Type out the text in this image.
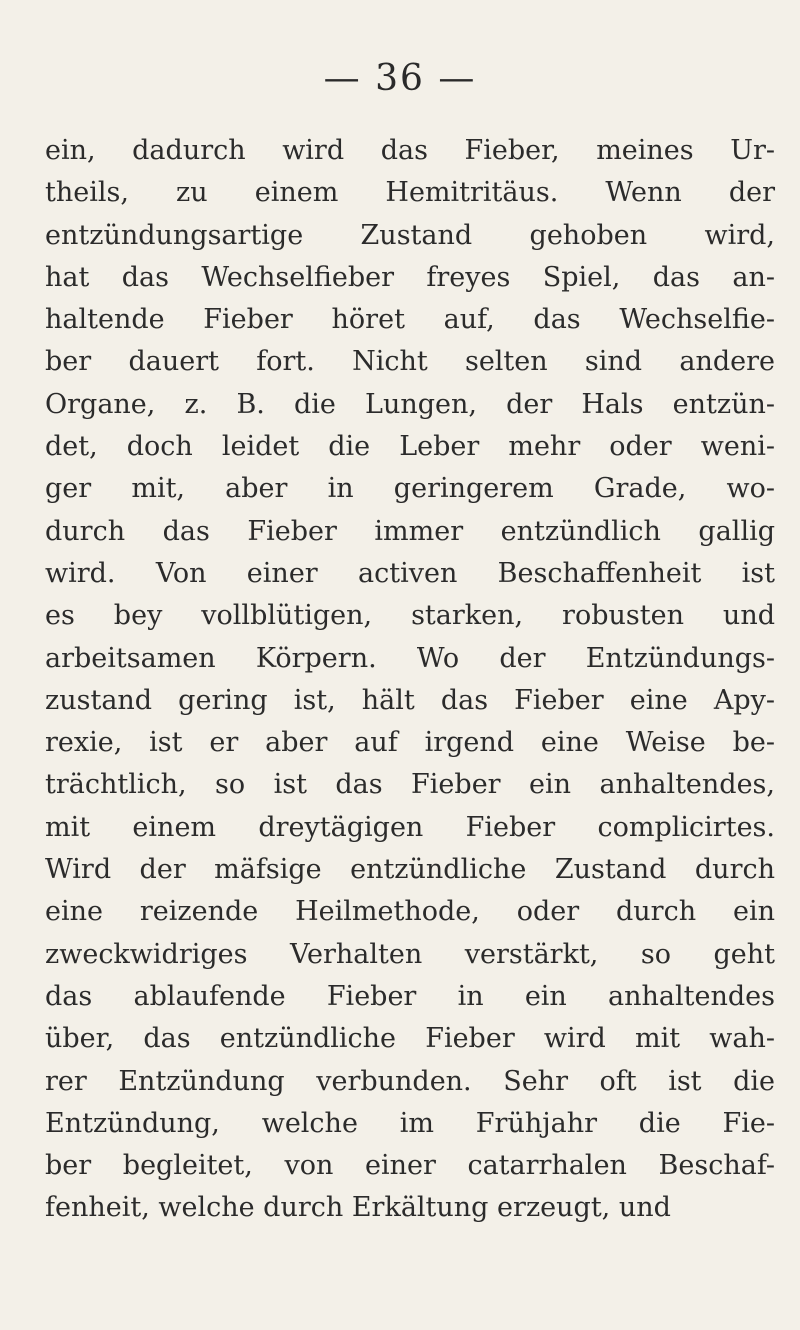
— 36 —
ein, dadurch wird das Fieber, meines Ur-
theils, zu einem Hemitritäus. Wenn der
entzündungsartige Zustand gehoben wird,
hat das Wechselfieber freyes Spiel, das an-
haltende Fieber höret auf, das Wechselfie-
ber dauert fort. Nicht selten sind andere
Organe, z. B. die Lungen, der Hals entzün-
det, doch leidet die Leber mehr oder weni-
ger mit, aber in geringerem Grade, wo-
durch das Fieber immer entzündlich gallig
wird. Von einer activen Beschaffenheit ist
es bey vollblütigen, starken, robusten und
arbeitsamen Körpern. Wo der Entzündungs-
zustand gering ist, hält das Fieber eine Apy-
rexie, ist er aber auf irgend eine Weise be-
trächtlich, so ist das Fieber ein anhaltendes,
mit einem dreytägigen Fieber complicirtes.
Wird der mäfsige entzündliche Zustand durch
eine reizende Heilmethode, oder durch ein
zweckwidriges Verhalten verstärkt, so geht
das ablaufende Fieber in ein anhaltendes
über, das entzündliche Fieber wird mit wah-
rer Entzündung verbunden. Sehr oft ist die
Entzündung, welche im Frühjahr die Fie-
ber begleitet, von einer catarrhalen Beschaf-
fenheit, welche durch Erkältung erzeugt, und
